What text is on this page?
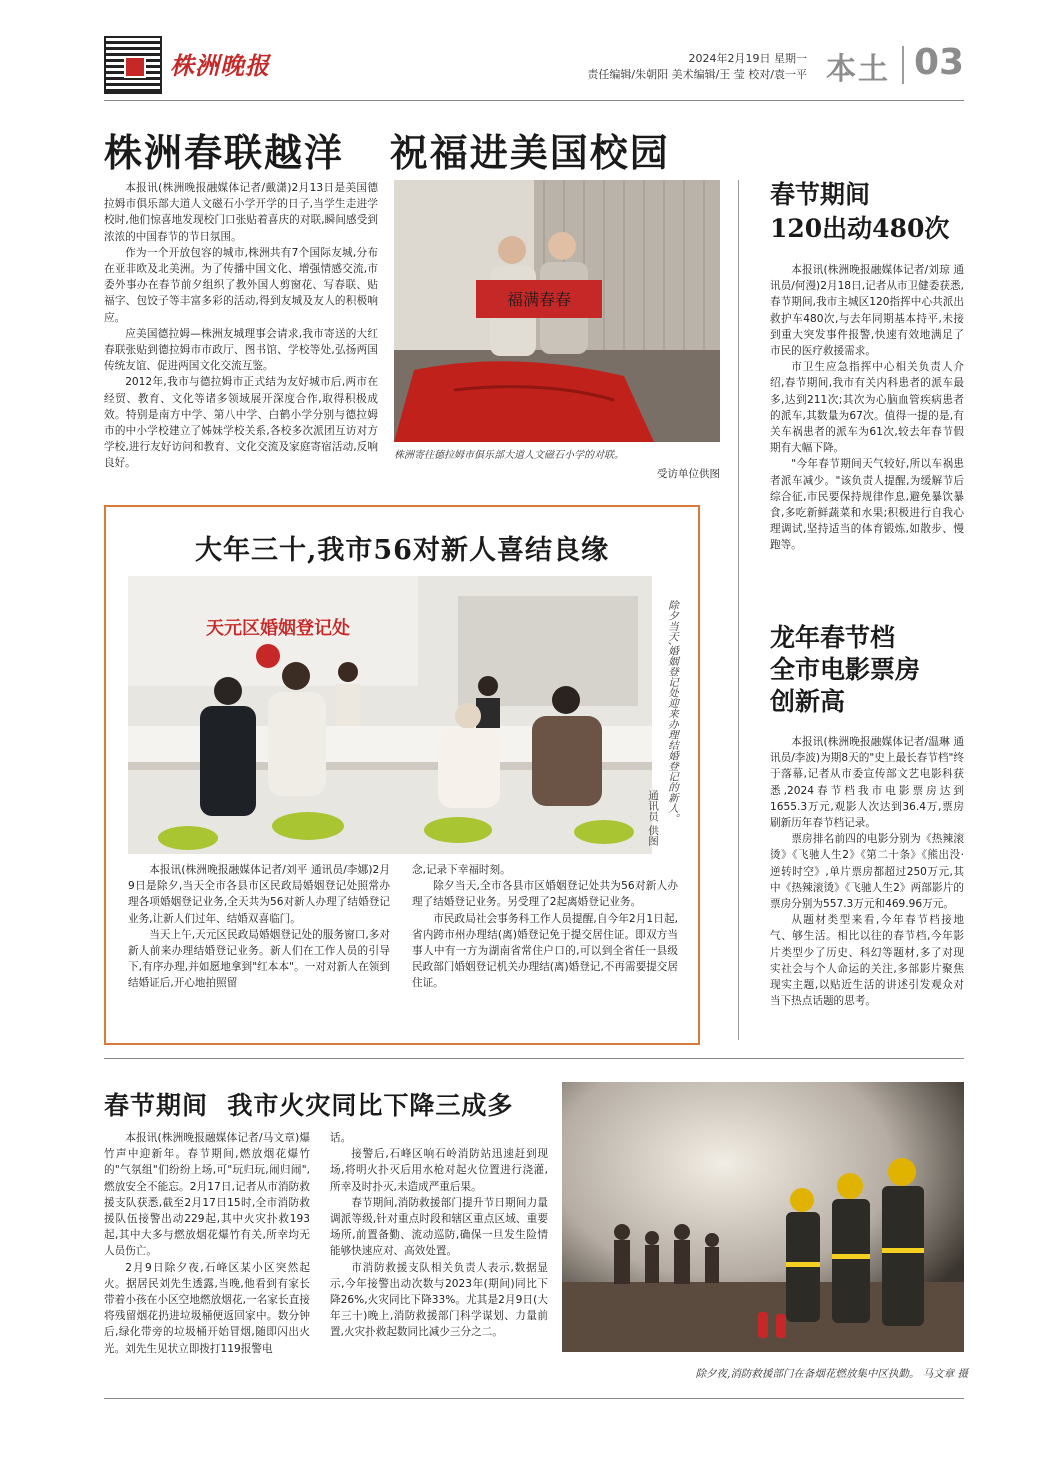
株洲晚报	2024年2月19日 星期一
责任编辑/朱朝阳 美术编辑/王 莹 校对/袁一平 本土 03
株洲春联越洋   祝福进美国校园

本报讯(株洲晚报融媒体记者/戴潇)2月13日是美国德拉姆市俱乐部大道人文磁石小学开学的日子,当学生走进学校时,他们惊喜地发现校门口张贴着喜庆的对联,瞬间感受到浓浓的中国春节的节日氛围。

作为一个开放包容的城市,株洲共有7个国际友城,分布在亚非欧及北美洲。为了传播中国文化、增强情感交流,市委外事办在春节前夕组织了教外国人剪窗花、写春联、贴福字、包饺子等丰富多彩的活动,得到友城及友人的积极响应。

应美国德拉姆—株洲友城理事会请求,我市寄送的大红春联张贴到德拉姆市市政厅、图书馆、学校等处,弘扬两国传统友谊、促进两国文化交流互鉴。

2012年,我市与德拉姆市正式结为友好城市后,两市在经贸、教育、文化等诸多领域展开深度合作,取得积极成效。特别是南方中学、第八中学、白鹤小学分别与德拉姆市的中小学校建立了姊妹学校关系,各校多次派团互访对方学校,进行友好访问和教育、文化交流及家庭寄宿活动,反响良好。

福满春春
株洲寄往德拉姆市俱乐部大道人文磁石小学的对联。
受访单位供图
大年三十,我市56对新人喜结良缘
天元区婚姻登记处	除夕当天,婚姻登记处迎来办理结婚登记的新人。
通讯员 供图

本报讯(株洲晚报融媒体记者/刘平 通讯员/李娜)2月9日是除夕,当天全市各县市区民政局婚姻登记处照常办理各项婚姻登记业务,全天共为56对新人办理了结婚登记业务,让新人们过年、结婚双喜临门。

当天上午,天元区民政局婚姻登记处的服务窗口,多对新人前来办理结婚登记业务。新人们在工作人员的引导下,有序办理,并如愿地拿到"红本本"。一对对新人在领到结婚证后,开心地拍照留

念,记录下幸福时刻。

除夕当天,全市各县市区婚姻登记处共为56对新人办理了结婚登记业务。另受理了2起离婚登记业务。

市民政局社会事务科工作人员提醒,自今年2月1日起,省内跨市州办理结(离)婚登记免于提交居住证。即双方当事人中有一方为湖南省常住户口的,可以到全省任一县级民政部门婚姻登记机关办理结(离)婚登记,不再需要提交居住证。

春节期间
120出动480次

本报讯(株洲晚报融媒体记者/刘琼 通讯员/何漫)2月18日,记者从市卫健委获悉,春节期间,我市主城区120指挥中心共派出救护车480次,与去年同期基本持平,未接到重大突发事件报警,快速有效地满足了市民的医疗救援需求。

市卫生应急指挥中心相关负责人介绍,春节期间,我市有关内科患者的派车最多,达到211次;其次为心脑血管疾病患者的派车,其数量为67次。值得一提的是,有关车祸患者的派车为61次,较去年春节假期有大幅下降。

"今年春节期间天气较好,所以车祸患者派车减少。"该负责人提醒,为缓解节后综合征,市民要保持规律作息,避免暴饮暴食,多吃新鲜蔬菜和水果;积极进行自我心理调试,坚持适当的体育锻炼,如散步、慢跑等。

龙年春节档
全市电影票房
创新高

本报讯(株洲晚报融媒体记者/温琳 通讯员/李波)为期8天的"史上最长春节档"终于落幕,记者从市委宣传部文艺电影科获悉,2024春节档我市电影票房达到1655.3万元,观影人次达到36.4万,票房刷新历年春节档记录。

票房排名前四的电影分别为《热辣滚烫》《飞驰人生2》《第二十条》《熊出没·逆转时空》,单片票房都超过250万元,其中《热辣滚烫》《飞驰人生2》两部影片的票房分别为557.3万元和469.96万元。

从题材类型来看,今年春节档接地气、够生活。相比以往的春节档,今年影片类型少了历史、科幻等题材,多了对现实社会与个人命运的关注,多部影片聚焦现实主题,以贴近生活的讲述引发观众对当下热点话题的思考。

春节期间  我市火灾同比下降三成多

本报讯(株洲晚报融媒体记者/马文章)爆竹声中迎新年。春节期间,燃放烟花爆竹的"气氛组"们纷纷上场,可"玩归玩,闹归闹",燃放安全不能忘。2月17日,记者从市消防救援支队获悉,截至2月17日15时,全市消防救援队伍接警出动229起,其中火灾扑救193起,其中大多与燃放烟花爆竹有关,所幸均无人员伤亡。

2月9日除夕夜,石峰区某小区突然起火。据居民刘先生透露,当晚,他看到有家长带着小孩在小区空地燃放烟花,一名家长直接将残留烟花扔进垃圾桶便返回家中。数分钟后,绿化带旁的垃圾桶开始冒烟,随即闪出火光。刘先生见状立即拨打119报警电

话。

接警后,石峰区响石岭消防站迅速赶到现场,将明火扑灭后用水枪对起火位置进行浇灌,所幸及时扑灭,未造成严重后果。

春节期间,消防救援部门提升节日期间力量调派等级,针对重点时段和辖区重点区域、重要场所,前置备勤、流动巡防,确保一旦发生险情能够快速应对、高效处置。

市消防救援支队相关负责人表示,数据显示,今年接警出动次数与2023年(期间)同比下降26%,火灾同比下降33%。尤其是2月9日(大年三十)晚上,消防救援部门科学谋划、力量前置,火灾扑救起数同比减少三分之二。

除夕夜,消防救援部门在备烟花燃放集中区执勤。 马文章 摄
